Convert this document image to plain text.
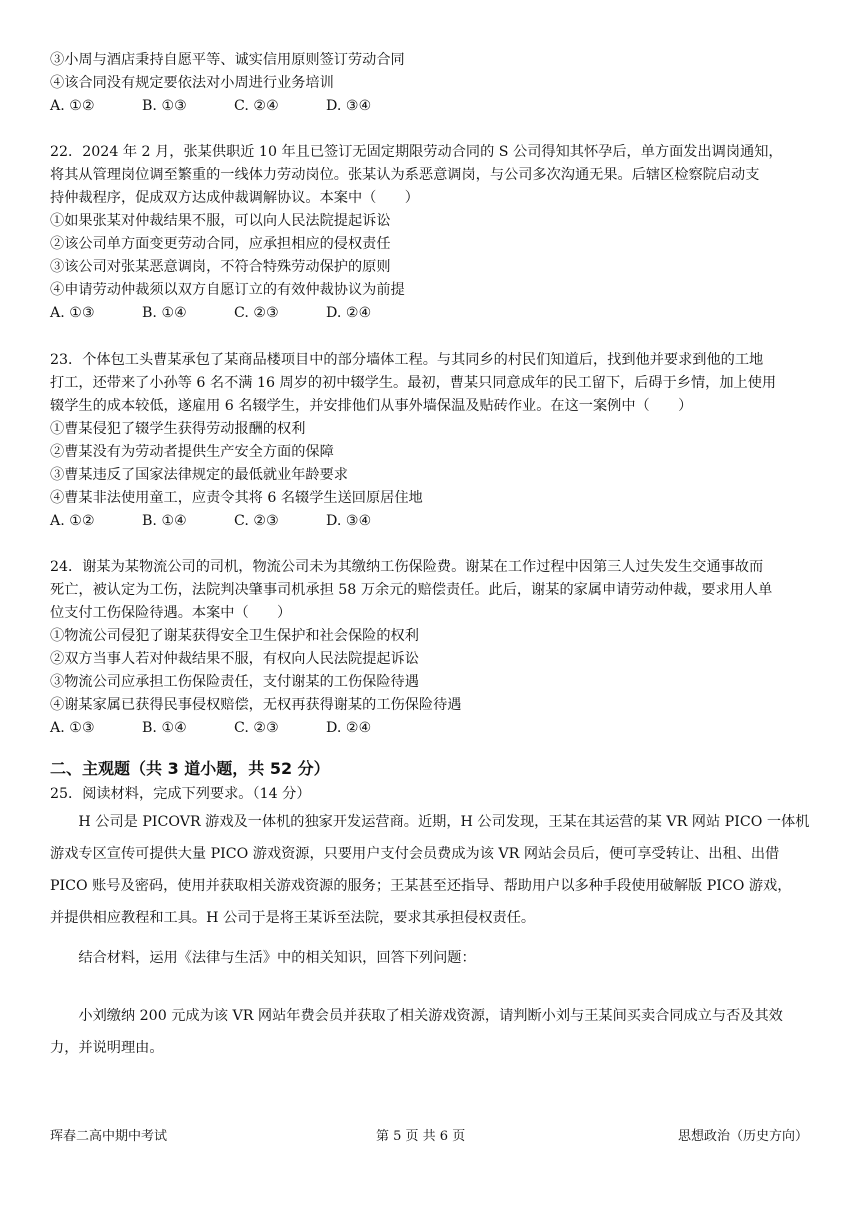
③小周与酒店秉持自愿平等、诚实信用原则签订劳动合同
④该合同没有规定要依法对小周进行业务培训
A. ①②	B. ①③	C. ②④	D. ③④
22．2024 年 2 月，张某供职近 10 年且已签订无固定期限劳动合同的 S 公司得知其怀孕后，单方面发出调岗通知，
将其从管理岗位调至繁重的一线体力劳动岗位。张某认为系恶意调岗，与公司多次沟通无果。后辖区检察院启动支
持仲裁程序，促成双方达成仲裁调解协议。本案中（　　）
①如果张某对仲裁结果不服，可以向人民法院提起诉讼
②该公司单方面变更劳动合同，应承担相应的侵权责任
③该公司对张某恶意调岗，不符合特殊劳动保护的原则
④申请劳动仲裁须以双方自愿订立的有效仲裁协议为前提
A. ①③	B. ①④	C. ②③	D. ②④
23．个体包工头曹某承包了某商品楼项目中的部分墙体工程。与其同乡的村民们知道后，找到他并要求到他的工地
打工，还带来了小孙等 6 名不满 16 周岁的初中辍学生。最初，曹某只同意成年的民工留下，后碍于乡情，加上使用
辍学生的成本较低，遂雇用 6 名辍学生，并安排他们从事外墙保温及贴砖作业。在这一案例中（　　）
①曹某侵犯了辍学生获得劳动报酬的权利
②曹某没有为劳动者提供生产安全方面的保障
③曹某违反了国家法律规定的最低就业年龄要求
④曹某非法使用童工，应责令其将 6 名辍学生送回原居住地
A. ①②	B. ①④	C. ②③	D. ③④
24．谢某为某物流公司的司机，物流公司未为其缴纳工伤保险费。谢某在工作过程中因第三人过失发生交通事故而
死亡，被认定为工伤，法院判决肇事司机承担 58 万余元的赔偿责任。此后，谢某的家属申请劳动仲裁，要求用人单
位支付工伤保险待遇。本案中（　　）
①物流公司侵犯了谢某获得安全卫生保护和社会保险的权利
②双方当事人若对仲裁结果不服，有权向人民法院提起诉讼
③物流公司应承担工伤保险责任，支付谢某的工伤保险待遇
④谢某家属已获得民事侵权赔偿，无权再获得谢某的工伤保险待遇
A. ①③	B. ①④	C. ②③	D. ②④
二、主观题（共 3 道小题，共 52 分）
25．阅读材料，完成下列要求。（14 分）
　　H 公司是 PICOVR 游戏及一体机的独家开发运营商。近期，H 公司发现，王某在其运营的某 VR 网站 PICO 一体机
游戏专区宣传可提供大量 PICO 游戏资源，只要用户支付会员费成为该 VR 网站会员后，便可享受转让、出租、出借
PICO 账号及密码，使用并获取相关游戏资源的服务；王某甚至还指导、帮助用户以多种手段使用破解版 PICO 游戏，
并提供相应教程和工具。H 公司于是将王某诉至法院，要求其承担侵权责任。
　　结合材料，运用《法律与生活》中的相关知识，回答下列问题：
　　小刘缴纳 200 元成为该 VR 网站年费会员并获取了相关游戏资源，请判断小刘与王某间买卖合同成立与否及其效
力，并说明理由。
珲春二高中期中考试	第 5 页 共 6 页	思想政治（历史方向）
